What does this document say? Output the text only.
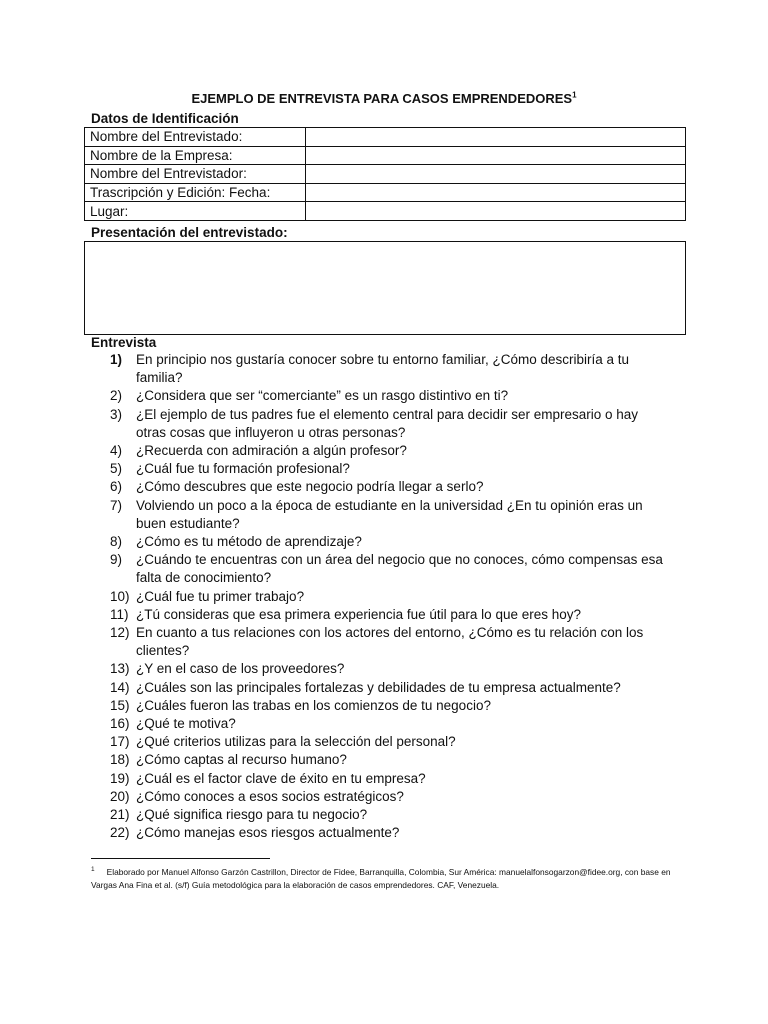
EJEMPLO DE ENTREVISTA PARA CASOS EMPRENDEDORES$^1$
Datos de Identificación
Nombre del Entrevistado:	
Nombre de la Empresa:	
Nombre del Entrevistador:	
Trascripción y Edición: Fecha:	
Lugar:	
Presentación del entrevistado:
Entrevista
1) En principio nos gustaría conocer sobre tu entorno familiar, ¿Cómo describiría a tu familia?
2) ¿Considera que ser “comerciante” es un rasgo distintivo en ti?
3) ¿El ejemplo de tus padres fue el elemento central para decidir ser empresario o hay otras cosas que influyeron u otras personas?
4) ¿Recuerda con admiración a algún profesor?
5) ¿Cuál fue tu formación profesional?
6) ¿Cómo descubres que este negocio podría llegar a serlo?
7) Volviendo un poco a la época de estudiante en la universidad ¿En tu opinión eras un buen estudiante?
8) ¿Cómo es tu método de aprendizaje?
9) ¿Cuándo te encuentras con un área del negocio que no conoces, cómo compensas esa falta de conocimiento?
10) ¿Cuál fue tu primer trabajo?
11) ¿Tú consideras que esa primera experiencia fue útil para lo que eres hoy?
12) En cuanto a tus relaciones con los actores del entorno, ¿Cómo es tu relación con los clientes?
13) ¿Y en el caso de los proveedores?
14) ¿Cuáles son las principales fortalezas y debilidades de tu empresa actualmente?
15) ¿Cuáles fueron las trabas en los comienzos de tu negocio?
16) ¿Qué te motiva?
17) ¿Qué criterios utilizas para la selección del personal?
18) ¿Cómo captas al recurso humano?
19) ¿Cuál es el factor clave de éxito en tu empresa?
20) ¿Cómo conoces a esos socios estratégicos?
21) ¿Qué significa riesgo para tu negocio?
22) ¿Cómo manejas esos riesgos actualmente?
$^1$ Elaborado por Manuel Alfonso Garzón Castrillon, Director de Fidee, Barranquilla, Colombia, Sur América: manuelalfonsogarzon@fidee.org, con base en Vargas Ana Fina et al. (s/f) Guía metodológica para la elaboración de casos emprendedores. CAF, Venezuela.
